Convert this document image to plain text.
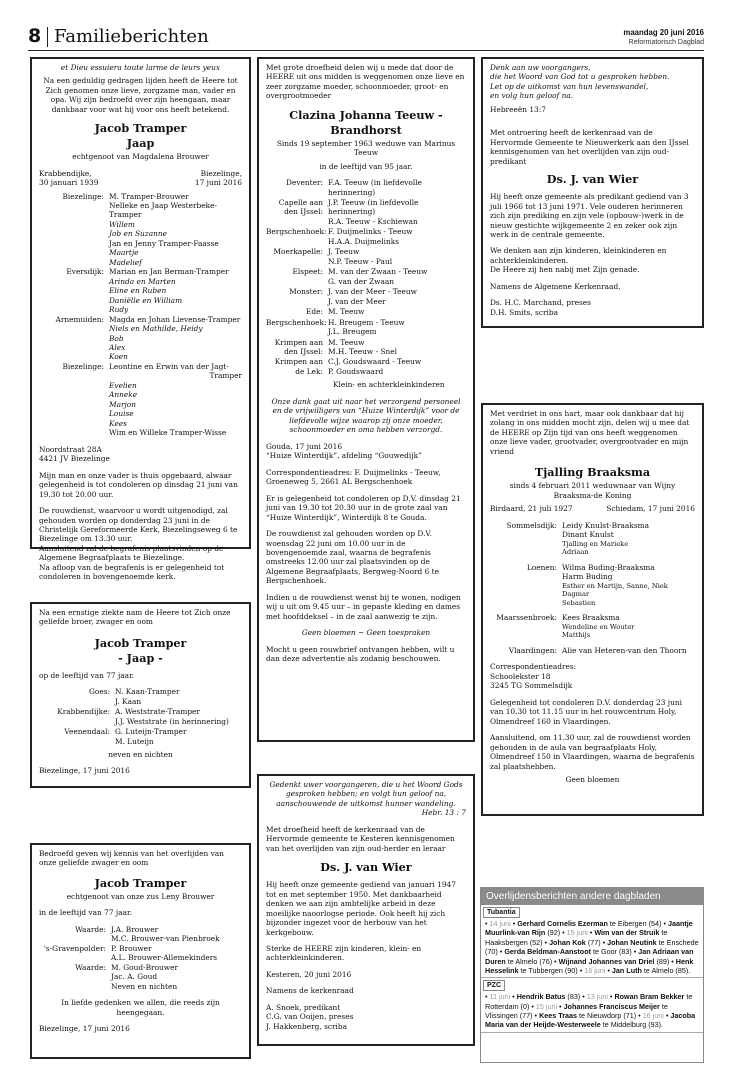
8 Familieberichten	maandag 20 juni 2016
Reformatorisch Dagblad
et Dieu essuiera toute larme de leurs yeux
Na een geduldig gedragen lijden heeft de Heere tot Zich genomen onze lieve, zorgzame man, vader en opa. Wij zijn bedroefd over zijn heengaan, maar dankbaar voor wat hij voor ons heeft betekend.
Jacob Tramper
Jaap
echtgenoot van Magdalena Brouwer
Krabbendijke,	Biezelinge,
30 januari 1939	17 juni 2016
Biezelinge: M. Tramper-Brouwer
Nelleke en Jaap Westerbeke-Tramper
Willem
Job en Suzanne
Jan en Jenny Tramper-Faasse
Maartje
Madelief
Eversdijk: Marian en Jan Berman-Tramper
Arinda en Marten
Eline en Ruben
Daniëlle en William
Rudy
Arnemuiden: Magda en Johan Lievense-Tramper
Niels en Mathilde, Heidy
Bob
Alex
Koen
Biezelinge: Leontine en Erwin van der Jagt-
Tramper
Evelien
Anneke
Marjon
Louise
Kees
Wim en Willeke Tramper-Wisse
Noordstraat 28A
4421 JV Biezelinge
Mijn man en onze vader is thuis opgebaard, alwaar gelegenheid is tot condoleren op dinsdag 21 juni van 19.30 tot 20.00 uur.
De rouwdienst, waarvoor u wordt uitgenodigd, zal gehouden worden op donderdag 23 juni in de Christelijk Gereformeerde Kerk, Biezelingseweg 6 te Biezelinge om 13.30 uur.
Aansluitend zal de begrafenis plaatsvinden op de Algemene Begraafplaats te Biezelinge.
Na afloop van de begrafenis is er gelegenheid tot condoleren in bovengenoemde kerk.
Na een ernstige ziekte nam de Heere tot Zich onze geliefde broer, zwager en oom
Jacob Tramper
- Jaap -
op de leeftijd van 77 jaar.
Goes: N. Kaan-Tramper
J. Kaan
Krabbendijke: A. Weststrate-Tramper
J.J. Weststrate (in herinnering)
Veenendaal: G. Luteijn-Tramper
M. Luteijn
neven en nichten
Biezelinge, 17 juni 2016
Bedroefd geven wij kennis van het overlijden van onze geliefde zwager en oom
Jacob Tramper
echtgenoot van onze zus Leny Brouwer
in de leeftijd van 77 jaar.
Waarde: J.A. Brouwer
M.C. Brouwer-van Pienbroek
's-Gravenpolder: P. Brouwer
A.L. Brouwer-Allemekinders
Waarde: M. Goud-Brouwer
Jac. A. Goud
Neven en nichten
In liefde gedenken we allen, die reeds zijn heengegaan.
Biezelinge, 17 juni 2016
Met grote droefheid delen wij u mede dat door de HEERE uit ons midden is weggenomen onze lieve en zeer zorgzame moeder, schoonmoeder, groot- en overgrootmoeder
Clazina Johanna Teeuw -
Brandhorst
Sinds 19 september 1963 weduwe van Marinus Teeuw
in de leeftijd van 95 jaar.
Deventer: F.A. Teeuw (in liefdevolle herinnering)
Capelle aan den IJssel:
J.P. Teeuw (in liefdevolle herinnering)
R.A. Teeuw - Kschiewan
Bergschenhoek: F. Duijmelinks - Teeuw
H.A.A. Duijmelinks
Moerkapelle: J. Teeuw
N.P. Teeuw - Paul
Elspeet: M. van der Zwaan - Teeuw
G. van der Zwaan
Monster: J. van der Meer - Teeuw
J. van der Meer
Ede: M. Teeuw
Bergschenhoek: H. Breugem - Teeuw
J.L. Breugem
Krimpen aan den IJssel:
M. Teeuw
M.H. Teeuw - Snel
Krimpen aan de Lek:
C.J. Goudswaard - Teeuw
P. Goudswaard
Klein- en achterkleinkinderen
Onze dank gaat uit naar het verzorgend personeel en de vrijwilligers van “Huize Winterdijk” voor de liefdevolle wijze waarop zij onze moeder, schoonmoeder en oma hebben verzorgd.
Gouda, 17 juni 2016
“Huize Winterdijk”, afdeling “Gouwedijk”
Correspondentieadres: F. Duijmelinks - Teeuw, Groeneweg 5, 2661 AL Bergschenhoek
Er is gelegenheid tot condoleren op D.V. dinsdag 21 juni van 19.30 tot 20.30 uur in de grote zaal van “Huize Winterdijk”, Winterdijk 8 te Gouda.
De rouwdienst zal gehouden worden op D.V. woensdag 22 juni om 10.00 uur in de bovengenoemde zaal, waarna de begrafenis omstreeks 12.00 uur zal plaatsvinden op de Algemene Begraafplaats, Bergweg-Noord 6 te Bergschenhoek.
Indien u de rouwdienst wenst bij te wonen, nodigen wij u uit om 9.45 uur – in gepaste kleding en dames met hoofddeksel – in de zaal aanwezig te zijn.
Geen bloemen ~ Geen toespraken
Mocht u geen rouwbrief ontvangen hebben, wilt u dan deze advertentie als zodanig beschouwen.
Gedenkt uwer voorgangeren, die u het Woord Gods gesproken hebben; en volgt hun geloof na, aanschouwende de uitkomst hunner wandeling.
Hebr. 13 : 7
Met droefheid heeft de kerkenraad van de Hervormde gemeente te Kesteren kennisgenomen van het overlijden van zijn oud-herder en leraar
Ds. J. van Wier
Hij heeft onze gemeente gediend van januari 1947 tot en met september 1950. Met dankbaarheid denken we aan zijn ambtelijke arbeid in deze moeilijke naoorlogse periode. Ook heeft hij zich bijzonder ingezet voor de herbouw van het kerkgebouw.
Sterke de HEERE zijn kinderen, klein- en achterkleinkinderen.
Kesteren, 20 juni 2016
Namens de kerkenraad
A. Snoek, predikant
C.G. van Ooijen, preses
J. Hakkenberg, scriba
Denk aan uw voorgangers,
die het Woord van God tot u gesproken hebben.
Let op de uitkomst van hun levenswandel,
en volg hun geloof na.
Hebreeën 13:7
Met ontroering heeft de kerkenraad van de Hervormde Gemeente te Nieuwerkerk aan den IJssel kennisgenomen van het overlijden van zijn oud-predikant
Ds. J. van Wier
Hij heeft onze gemeente als predikant gediend van 3 juli 1966 tot 13 juni 1971. Vele ouderen herinneren zich zijn prediking en zijn vele (opbouw-)werk in de nieuw gestichte wijkgemeente 2 en zeker ook zijn werk in de centrale gemeente.
We denken aan zijn kinderen, kleinkinderen en achterkleinkinderen.
De Heere zij hen nabij met Zijn genade.
Namens de Algemene Kerkenraad,
Ds. H.C. Marchand, preses
D.H. Smits, scriba
Met verdriet in ons hart, maar ook dankbaar dat hij zolang in ons midden mocht zijn, delen wij u mee dat de HEERE op Zijn tijd van ons heeft weggenomen onze lieve vader, grootvader, overgrootvader en mijn vriend
Tjalling Braaksma
sinds 4 februari 2011 weduwnaar van Wijny Braaksma-de Koning
Birdaard, 21 juli 1927	Schiedam, 17 juni 2016
Sommelsdijk: Leidy Knulst-Braaksma
Dinant Knulst
Tjalling en Marieke
Adriaan
Loenen: Wilma Buding-Braaksma
Harm Buding
Esther en Martijn, Sanne, Niek
Dagmar
Sebastien
Maarssenbroek: Kees Braaksma
Wendeline en Wouter
Matthijs
Vlaardingen: Alie van Heteren-van den Thoorn
Correspondentieadres:
Schoolekster 18
3245 TG Sommelsdijk
Gelegenheid tot condoleren D.V. donderdag 23 juni van 10.30 tot 11.15 uur in het rouwcentrum Holy, Olmendreef 160 in Vlaardingen.
Aansluitend, om 11.30 uur, zal de rouwdienst worden gehouden in de aula van begraafplaats Holy, Olmendreef 150 in Vlaardingen, waarna de begrafenis zal plaatshebben.
Geen bloemen
Overlijdensberichten andere dagbladen
Tubantia
• 14 juni • Gerhard Cornelis Ezerman te Eibergen (54) • Jaantje Muurlink-van Rijn (92) • 15 juni • Wim van der Struik te Haaksbergen (52) • Johan Kok (77) • Johan Neutink te Enschede (70) • Gerda Beldman-Aanstoot te Goor (83) • Jan Adriaan van Duren te Almelo (76) • Wijnand Johannes van Driel (89) • Henk Hesselink te Tubbergen (90) • 16 juni • Jan Luth te Almelo (85).
PZC
• 11 juni • Hendrik Batus (83) • 13 juni • Rowan Bram Bekker te Rotterdam (0) • 15 juni • Johannes Franciscus Meijer te Vlissingen (77) • Kees Traas te Nieuwdorp (71) • 16 juni • Jacoba Maria van der Heijde-Westerweele te Middelburg (93).
